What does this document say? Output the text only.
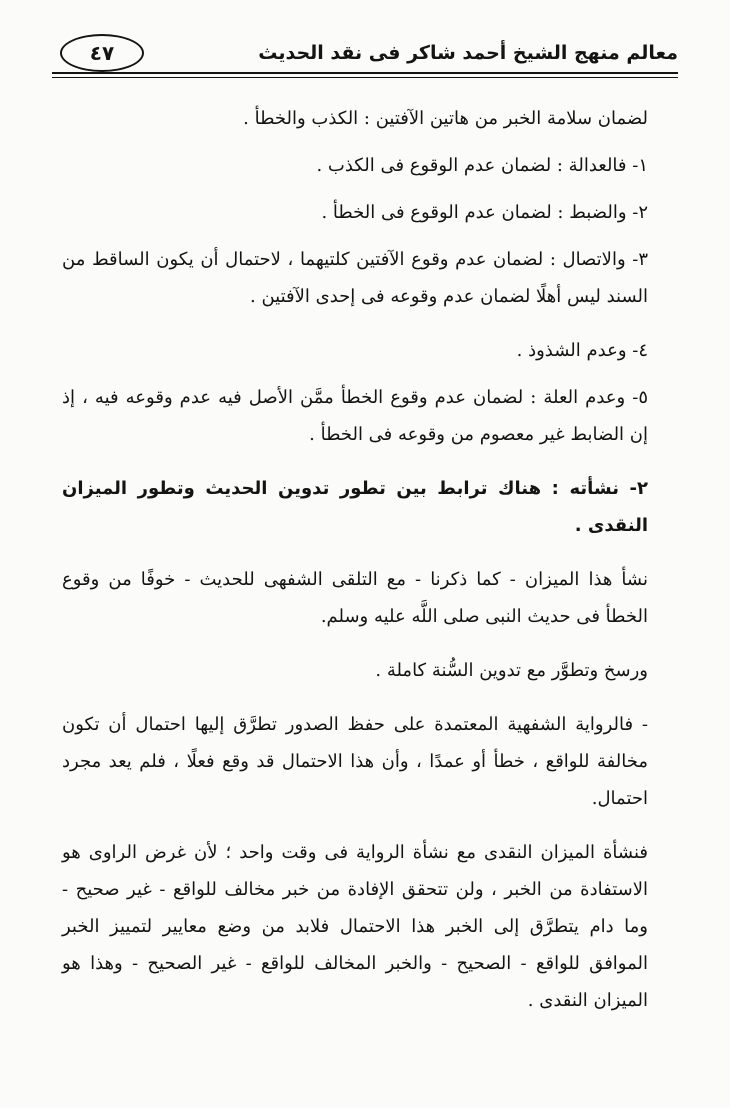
معالم منهج الشيخ أحمد شاكر فى نقد الحديث
٤٧

لضمان سلامة الخبر من هاتين الآفتين : الكذب والخطأ .

١- فالعدالة : لضمان عدم الوقوع فى الكذب .

٢- والضبط : لضمان عدم الوقوع فى الخطأ .

٣- والاتصال : لضمان عدم وقوع الآفتين كلتيهما ، لاحتمال أن يكون الساقط من السند ليس أهلًا لضمان عدم وقوعه فى إحدى الآفتين .

٤- وعدم الشذوذ .

٥- وعدم العلة : لضمان عدم وقوع الخطأ ممَّن الأصل فيه عدم وقوعه فيه ، إذ إن الضابط غير معصوم من وقوعه فى الخطأ .

٢- نشأته : هناك ترابط بين تطور تدوين الحديث وتطور الميزان النقدى .

نشأ هذا الميزان - كما ذكرنا - مع التلقى الشفهى للحديث - خوفًا من وقوع الخطأ فى حديث النبى صلى اللَّه عليه وسلم.

ورسخ وتطوَّر مع تدوين السُّنة كاملة .

- فالرواية الشفهية المعتمدة على حفظ الصدور تطرَّق إليها احتمال أن تكون مخالفة للواقع ، خطأ أو عمدًا ، وأن هذا الاحتمال قد وقع فعلًا ، فلم يعد مجرد احتمال.

فنشأة الميزان النقدى مع نشأة الرواية فى وقت واحد ؛ لأن غرض الراوى هو الاستفادة من الخبر ، ولن تتحقق الإفادة من خبر مخالف للواقع - غير صحيح - وما دام يتطرَّق إلى الخبر هذا الاحتمال فلابد من وضع معايير لتمييز الخبر الموافق للواقع - الصحيح - والخبر المخالف للواقع - غير الصحيح - وهذا هو الميزان النقدى .
